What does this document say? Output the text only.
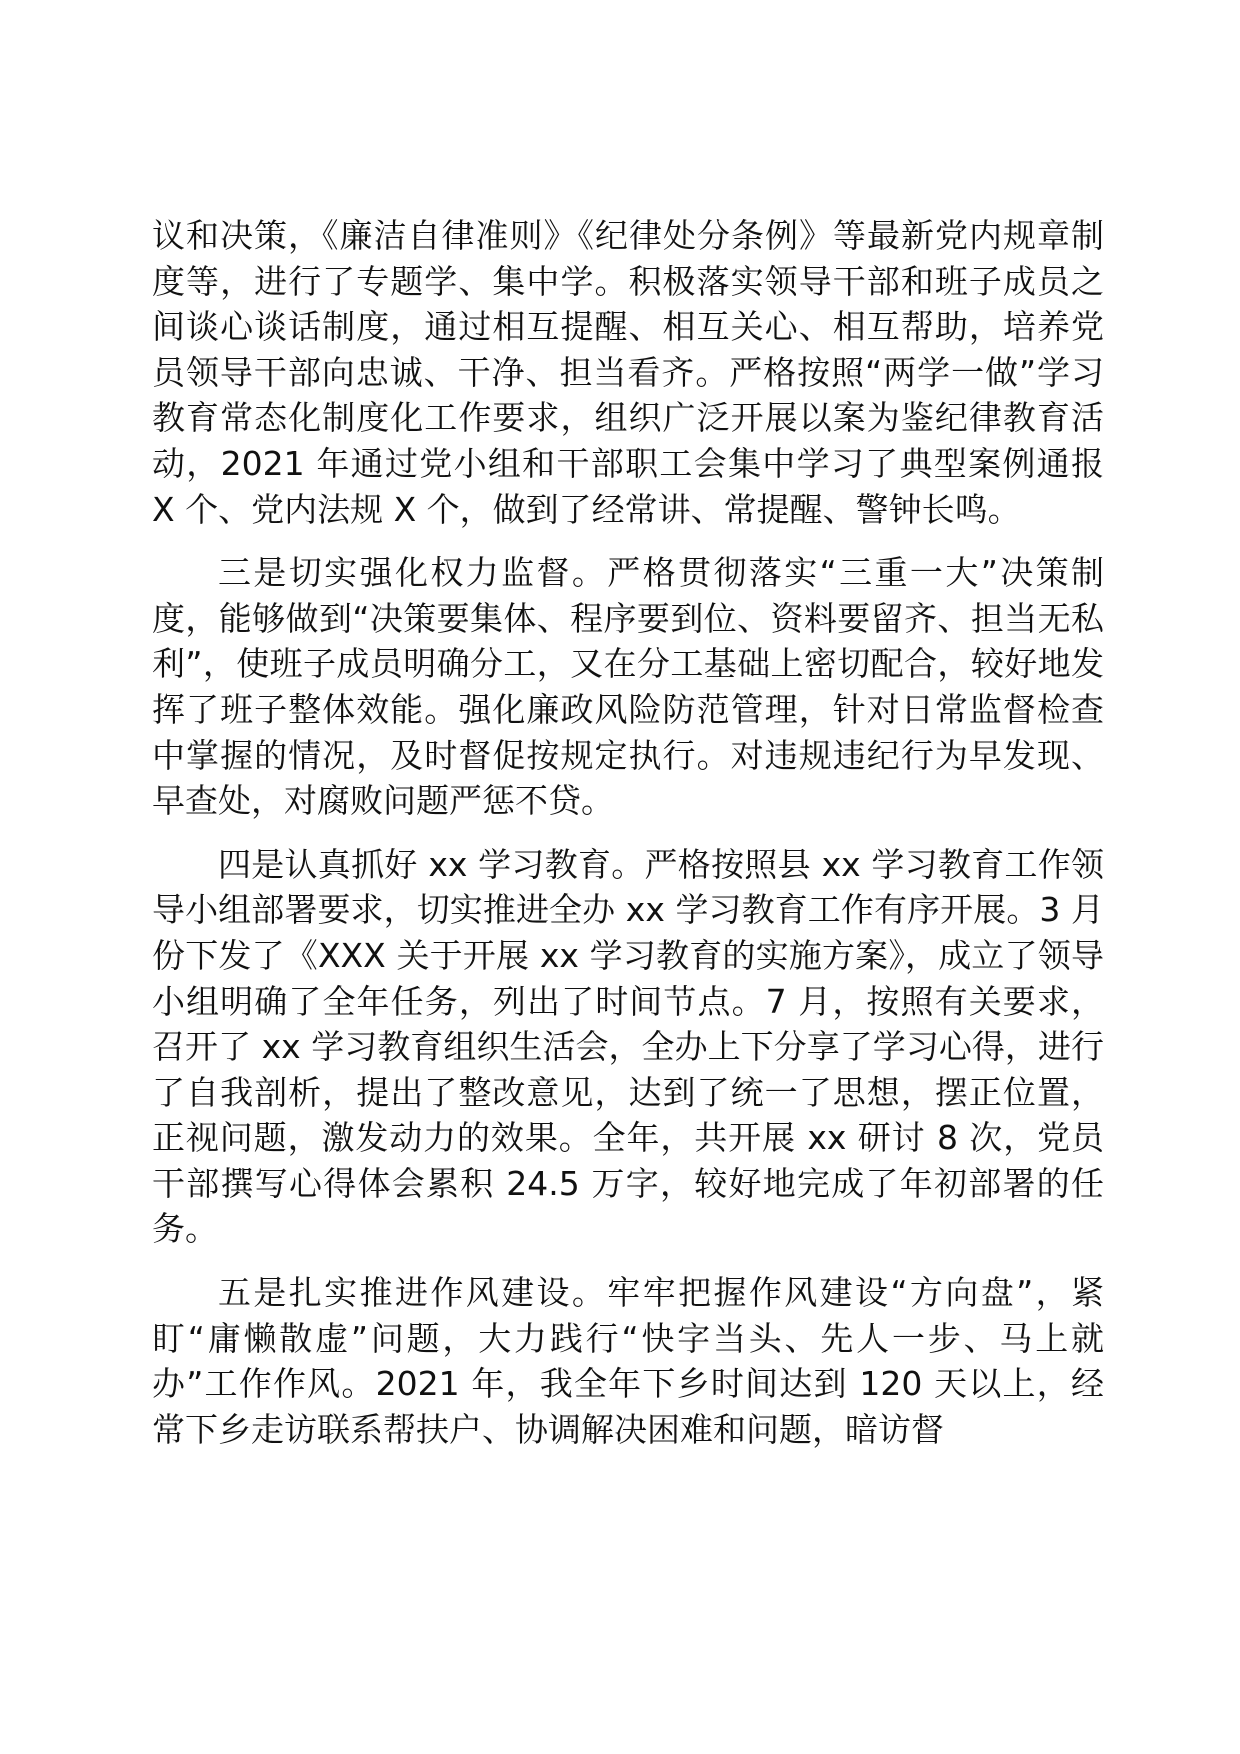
议和决策，《廉洁自律准则》《纪律处分条例》等最新党内规章制度等，进行了专题学、集中学。积极落实领导干部和班子成员之间谈心谈话制度，通过相互提醒、相互关心、相互帮助，培养党员领导干部向忠诚、干净、担当看齐。严格按照“两学一做”学习教育常态化制度化工作要求，组织广泛开展以案为鉴纪律教育活动，2021 年通过党小组和干部职工会集中学习了典型案例通报 X 个、党内法规 X 个，做到了经常讲、常提醒、警钟长鸣。

三是切实强化权力监督。严格贯彻落实“三重一大”决策制度，能够做到“决策要集体、程序要到位、资料要留齐、担当无私利”，使班子成员明确分工，又在分工基础上密切配合，较好地发挥了班子整体效能。强化廉政风险防范管理，针对日常监督检查中掌握的情况，及时督促按规定执行。对违规违纪行为早发现、早查处，对腐败问题严惩不贷。

四是认真抓好 xx 学习教育。严格按照县 xx 学习教育工作领导小组部署要求，切实推进全办 xx 学习教育工作有序开展。3 月份下发了《XXX 关于开展 xx 学习教育的实施方案》，成立了领导小组明确了全年任务，列出了时间节点。7 月，按照有关要求，召开了 xx 学习教育组织生活会，全办上下分享了学习心得，进行了自我剖析，提出了整改意见，达到了统一了思想，摆正位置，正视问题，激发动力的效果。全年，共开展 xx 研讨 8 次，党员干部撰写心得体会累积 24.5 万字，较好地完成了年初部署的任务。

五是扎实推进作风建设。牢牢把握作风建设“方向盘”，紧盯“庸懒散虚”问题，大力践行“快字当头、先人一步、马上就办”工作作风。2021 年，我全年下乡时间达到 120 天以上，经常下乡走访联系帮扶户、协调解决困难和问题，暗访督
